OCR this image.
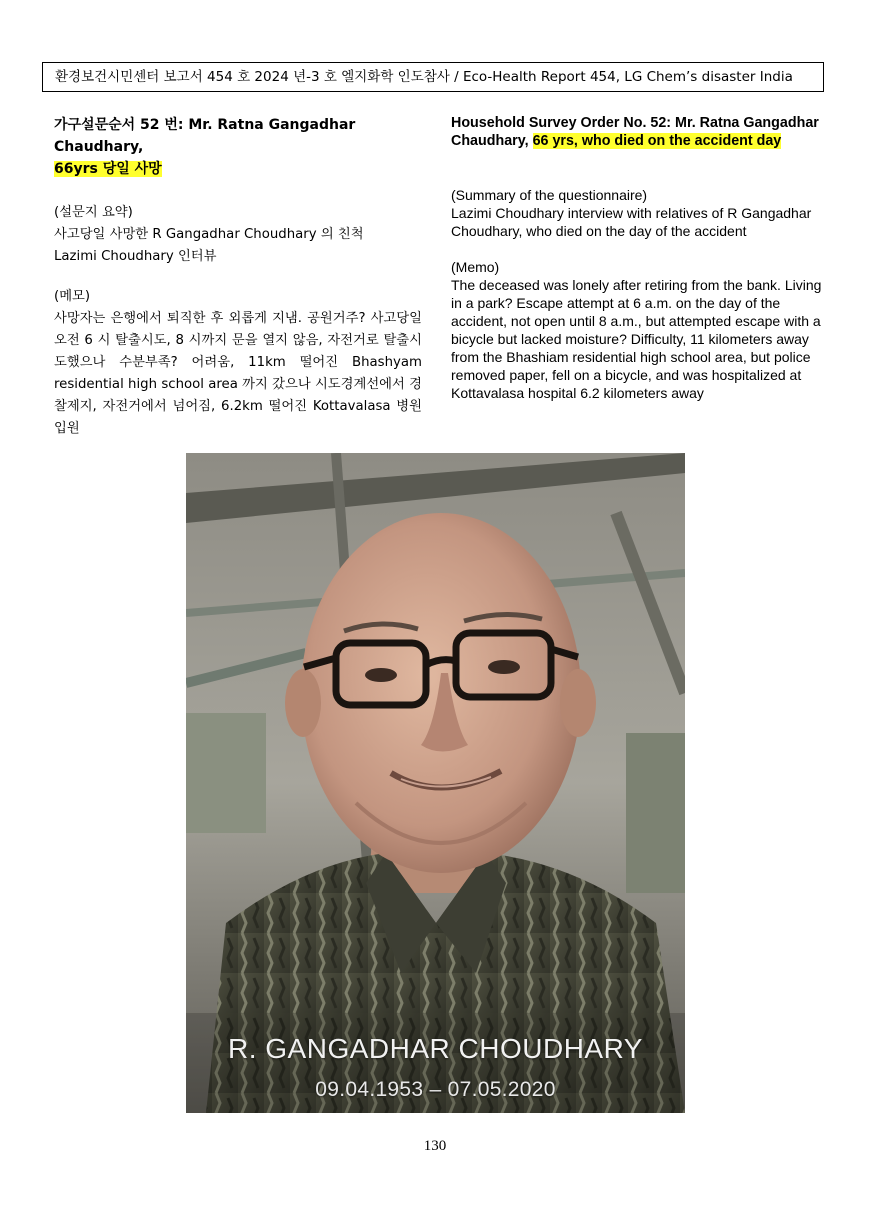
환경보건시민센터 보고서 454 호 2024 년-3 호 엘지화학 인도참사 / Eco-Health Report 454, LG Chem’s disaster India

가구설문순서 52 번: Mr. Ratna Gangadhar Chaudhary,
66yrs 당일 사망

(설문지 요약)

사고당일 사망한 R Gangadhar Choudhary 의 친척

Lazimi Choudhary 인터뷰

(메모)

사망자는 은행에서 퇴직한 후 외롭게 지냄. 공원거주? 사고당일 오전 6 시 탈출시도, 8 시까지 문을 열지 않음, 자전거로 탈출시도했으나 수분부족? 어려움, 11km 떨어진 Bhashyam residential high school area 까지 갔으나 시도경계선에서 경찰제지, 자전거에서 넘어짐, 6.2km 떨어진 Kottavalasa 병원입원

Household Survey Order No. 52: Mr. Ratna Gangadhar Chaudhary, 66 yrs, who died on the accident day

(Summary of the questionnaire)

Lazimi Choudhary interview with relatives of R Gangadhar Choudhary, who died on the day of the accident

(Memo)

The deceased was lonely after retiring from the bank. Living in a park? Escape attempt at 6 a.m. on the day of the accident, not open until 8 a.m., but attempted escape with a bicycle but lacked moisture? Difficulty, 11 kilometers away from the Bhashiam residential high school area, but police removed paper, fell on a bicycle, and was hospitalized at Kottavalasa hospital 6.2 kilometers away

R. GANGADHAR CHOUDHARY
09.04.1953 – 07.05.2020
130
